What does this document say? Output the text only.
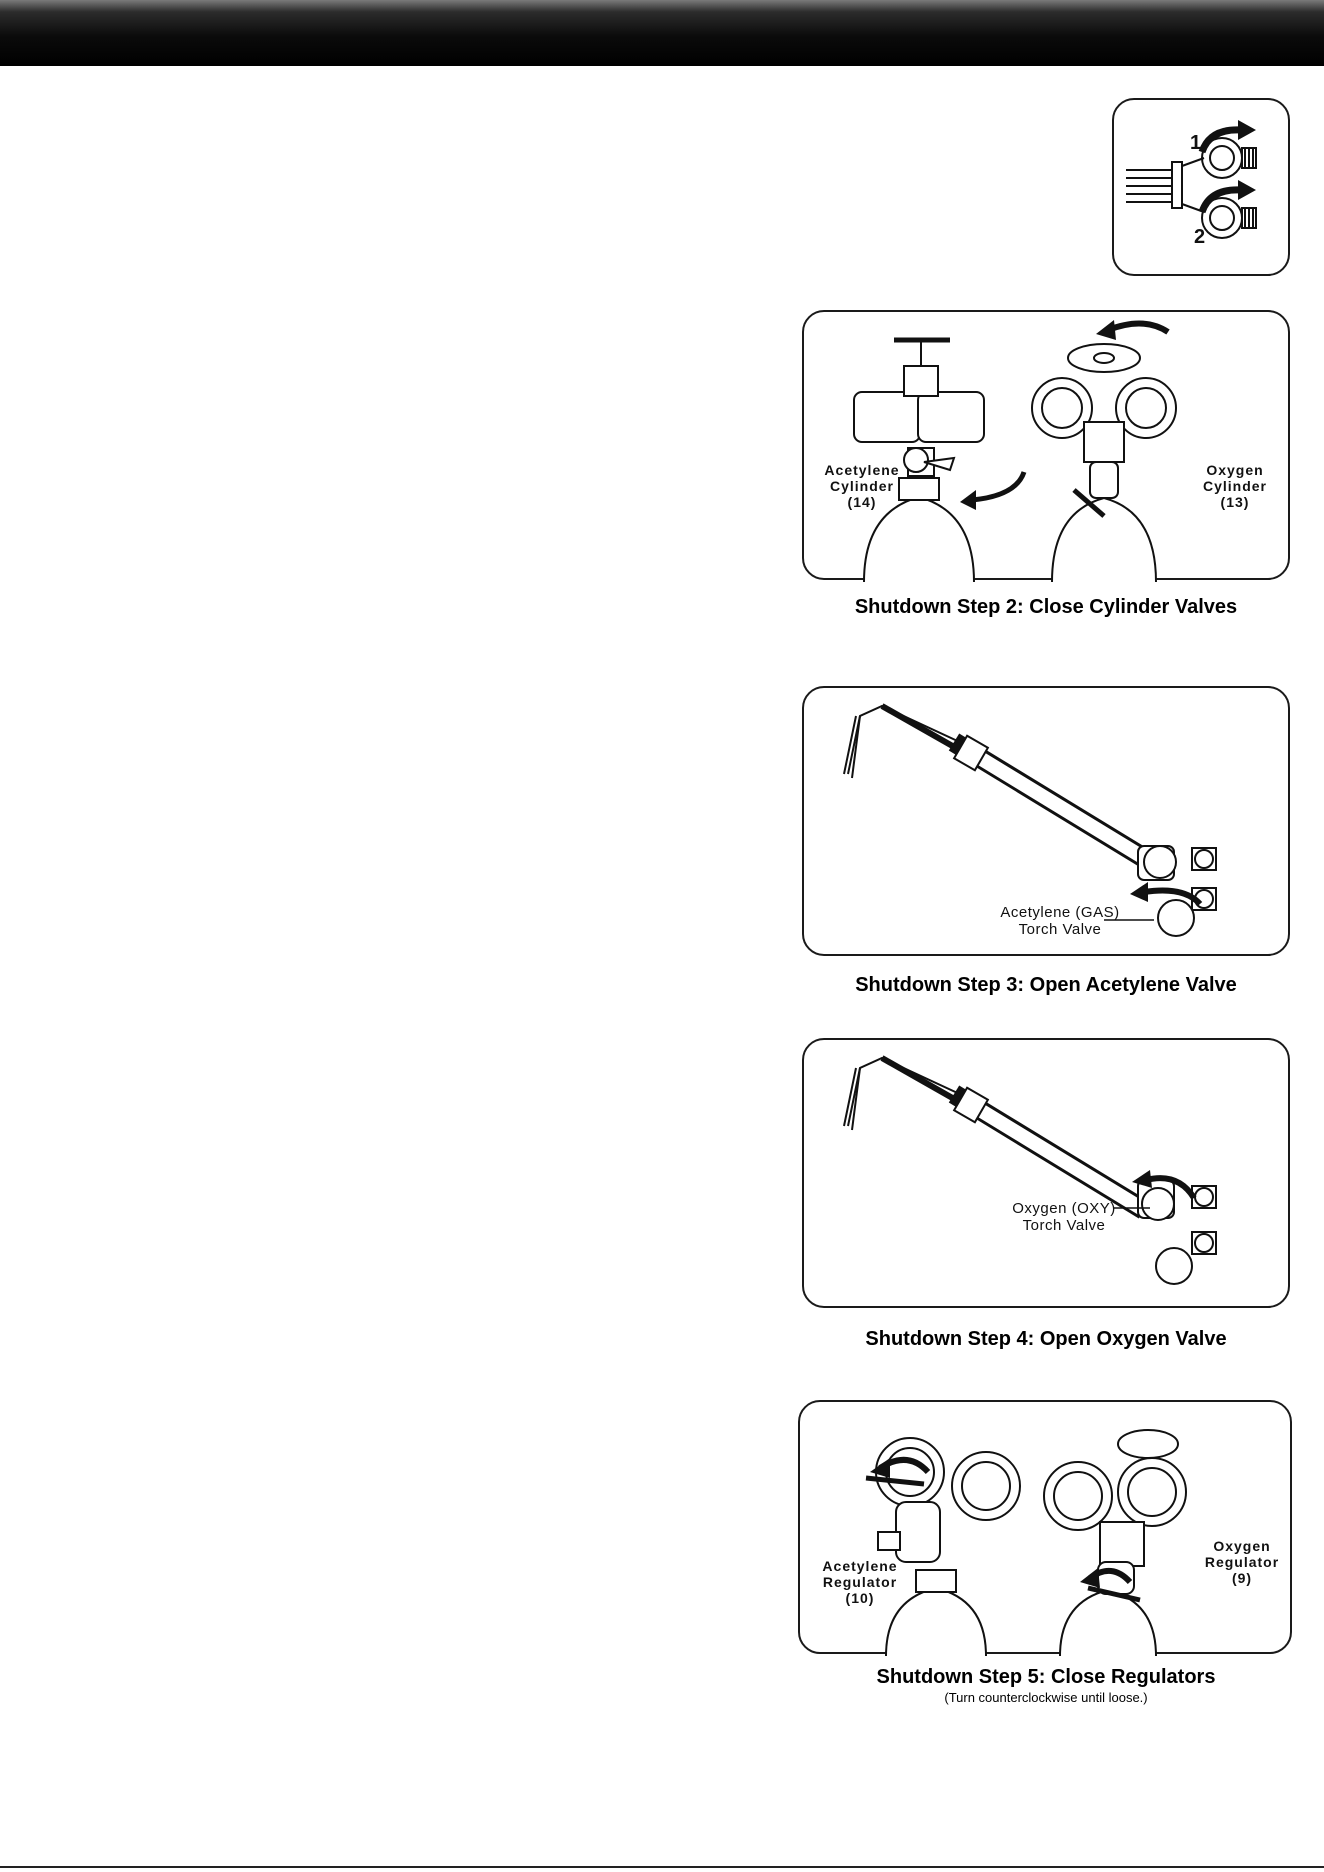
1
2
Acetylene
Cylinder
(14)
Oxygen
Cylinder
(13)
Shutdown Step 2: Close Cylinder Valves
Acetylene (GAS)
Torch Valve
Shutdown Step 3: Open Acetylene Valve
Oxygen (OXY)
Torch Valve
Shutdown Step 4: Open Oxygen Valve
Acetylene
Regulator
(10)
Oxygen
Regulator
(9)
Shutdown Step 5: Close Regulators
(Turn counterclockwise until loose.)
